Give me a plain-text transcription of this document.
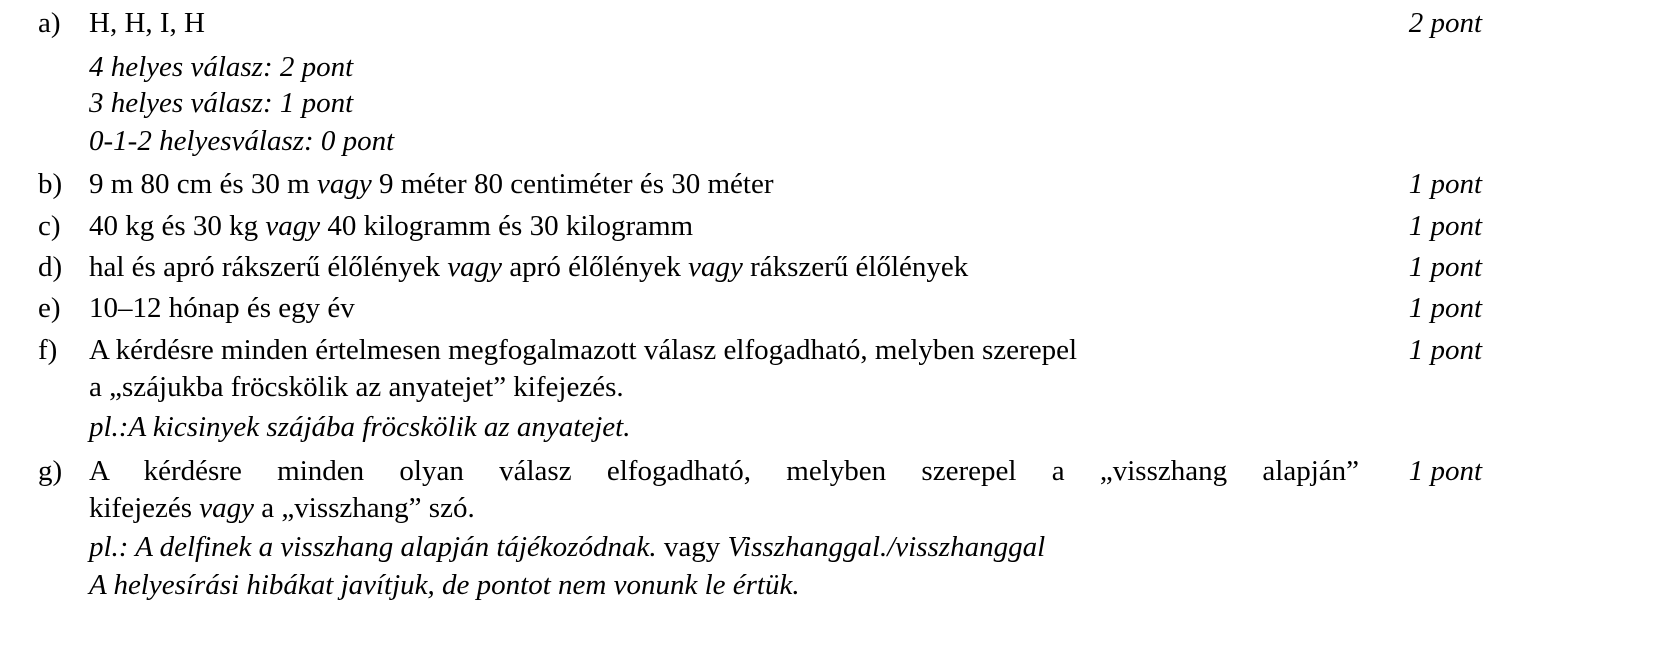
a) H, H, I, H	2 pont
4 helyes válasz: 2 pont
3 helyes válasz: 1 pont
0-1-2 helyesválasz: 0 pont
b) 9 m 80 cm és 30 m vagy 9 méter 80 centiméter és 30 méter	1 pont
c) 40 kg és 30 kg vagy 40 kilogramm és 30 kilogramm	1 pont
d) hal és apró rákszerű élőlények vagy apró élőlények vagy rákszerű élőlények	1 pont
e) 10–12 hónap és egy év	1 pont
f) A kérdésre minden értelmesen megfogalmazott válasz elfogadható, melyben szerepel	1 pont
a „szájukba fröcskölik az anyatejet” kifejezés.
pl.:A kicsinyek szájába fröcskölik az anyatejet.
g) A kérdésre minden olyan válasz elfogadható, melyben szerepel a „visszhang alapján”	1 pont
kifejezés vagy a „visszhang” szó.
pl.: A delfinek a visszhang alapján tájékozódnak. vagy Visszhanggal./visszhanggal
A helyesírási hibákat javítjuk, de pontot nem vonunk le értük.
